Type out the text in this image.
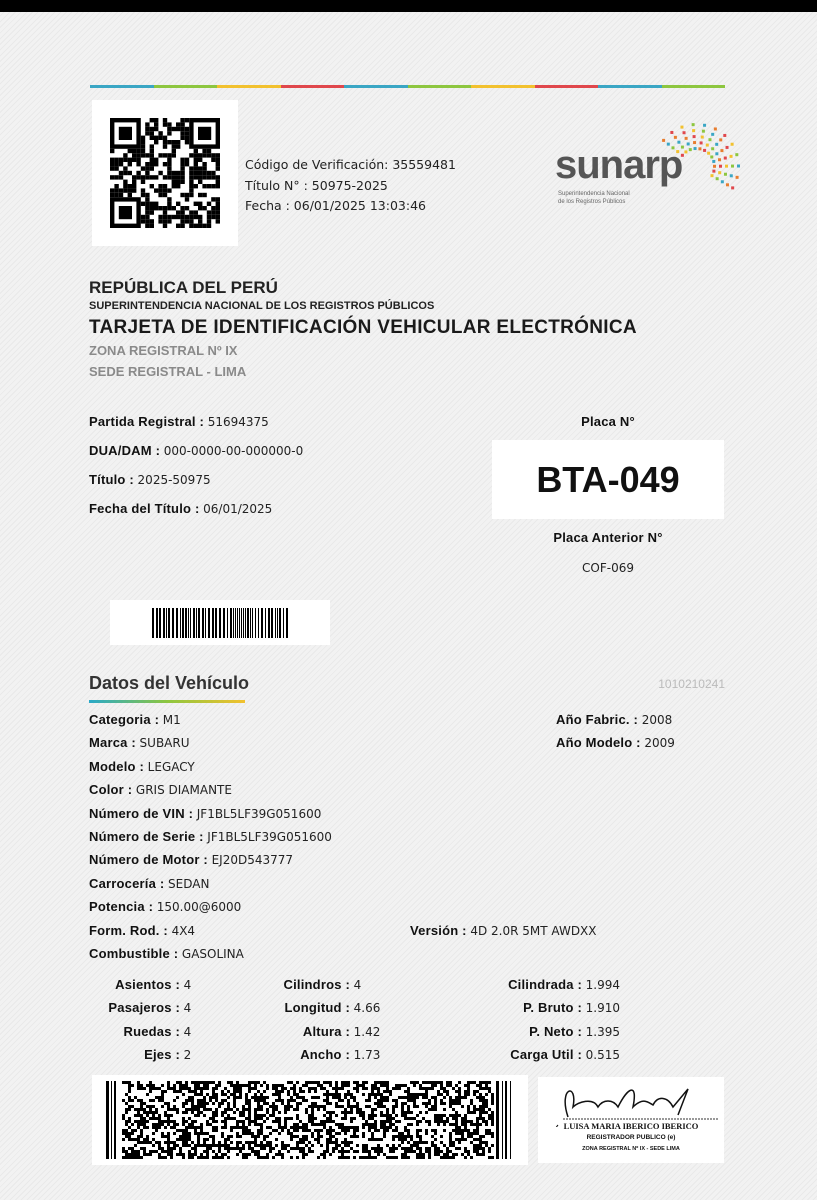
Código de Verificación: 35559481
Título N° : 50975-2025
Fecha : 06/01/2025 13:03:46
sunarp
Superintendencia Nacional
de los Registros Públicos
REPÚBLICA DEL PERÚ
SUPERINTENDENCIA NACIONAL DE LOS REGISTROS PÚBLICOS
TARJETA DE IDENTIFICACIÓN VEHICULAR ELECTRÓNICA
ZONA REGISTRAL Nº IX
SEDE REGISTRAL - LIMA
Partida Registral : 51694375
DUA/DAM : 000-0000-00-000000-0
Título : 2025-50975
Fecha del Título : 06/01/2025
Placa N°
BTA-049
Placa Anterior N°
COF-069
Datos del Vehículo	1010210241
Categoria : M1
Marca : SUBARU
Modelo : LEGACY
Color : GRIS DIAMANTE
Número de VIN : JF1BL5LF39G051600
Número de Serie : JF1BL5LF39G051600
Número de Motor : EJ20D543777
Carrocería : SEDAN
Potencia : 150.00@6000
Form. Rod. : 4X4
Combustible : GASOLINA
Año Fabric. : 2008
Año Modelo : 2009
Versión : 4D 2.0R 5MT AWDXX
Asientos : 4	Cilindros : 4	Cilindrada : 1.994
Pasajeros : 4	Longitud : 4.66	P. Bruto : 1.910
Ruedas : 4	Altura : 1.42	P. Neto : 1.395
Ejes : 2	Ancho : 1.73	Carga Util : 0.515
LUISA MARIA IBERICO IBERICO
REGISTRADOR PUBLICO (e)
ZONA REGISTRAL Nº IX - SEDE LIMA
